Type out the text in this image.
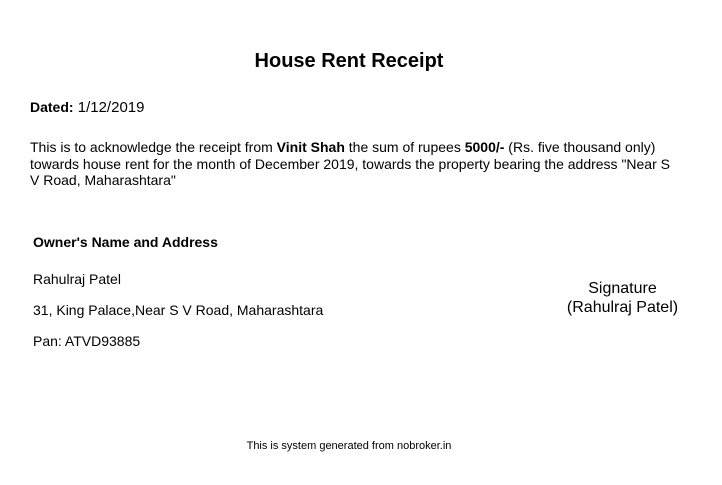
House Rent Receipt
Dated: 1/12/2019
This is to acknowledge the receipt from Vinit Shah the sum of rupees 5000/- (Rs. five thousand only) towards house rent for the month of December 2019, towards the property bearing the address "Near S V Road, Maharashtara"
Owner's Name and Address
Rahulraj Patel
31, King Palace,Near S V Road, Maharashtara
Pan: ATVD93885
Signature
(Rahulraj Patel)
This is system generated from nobroker.in
